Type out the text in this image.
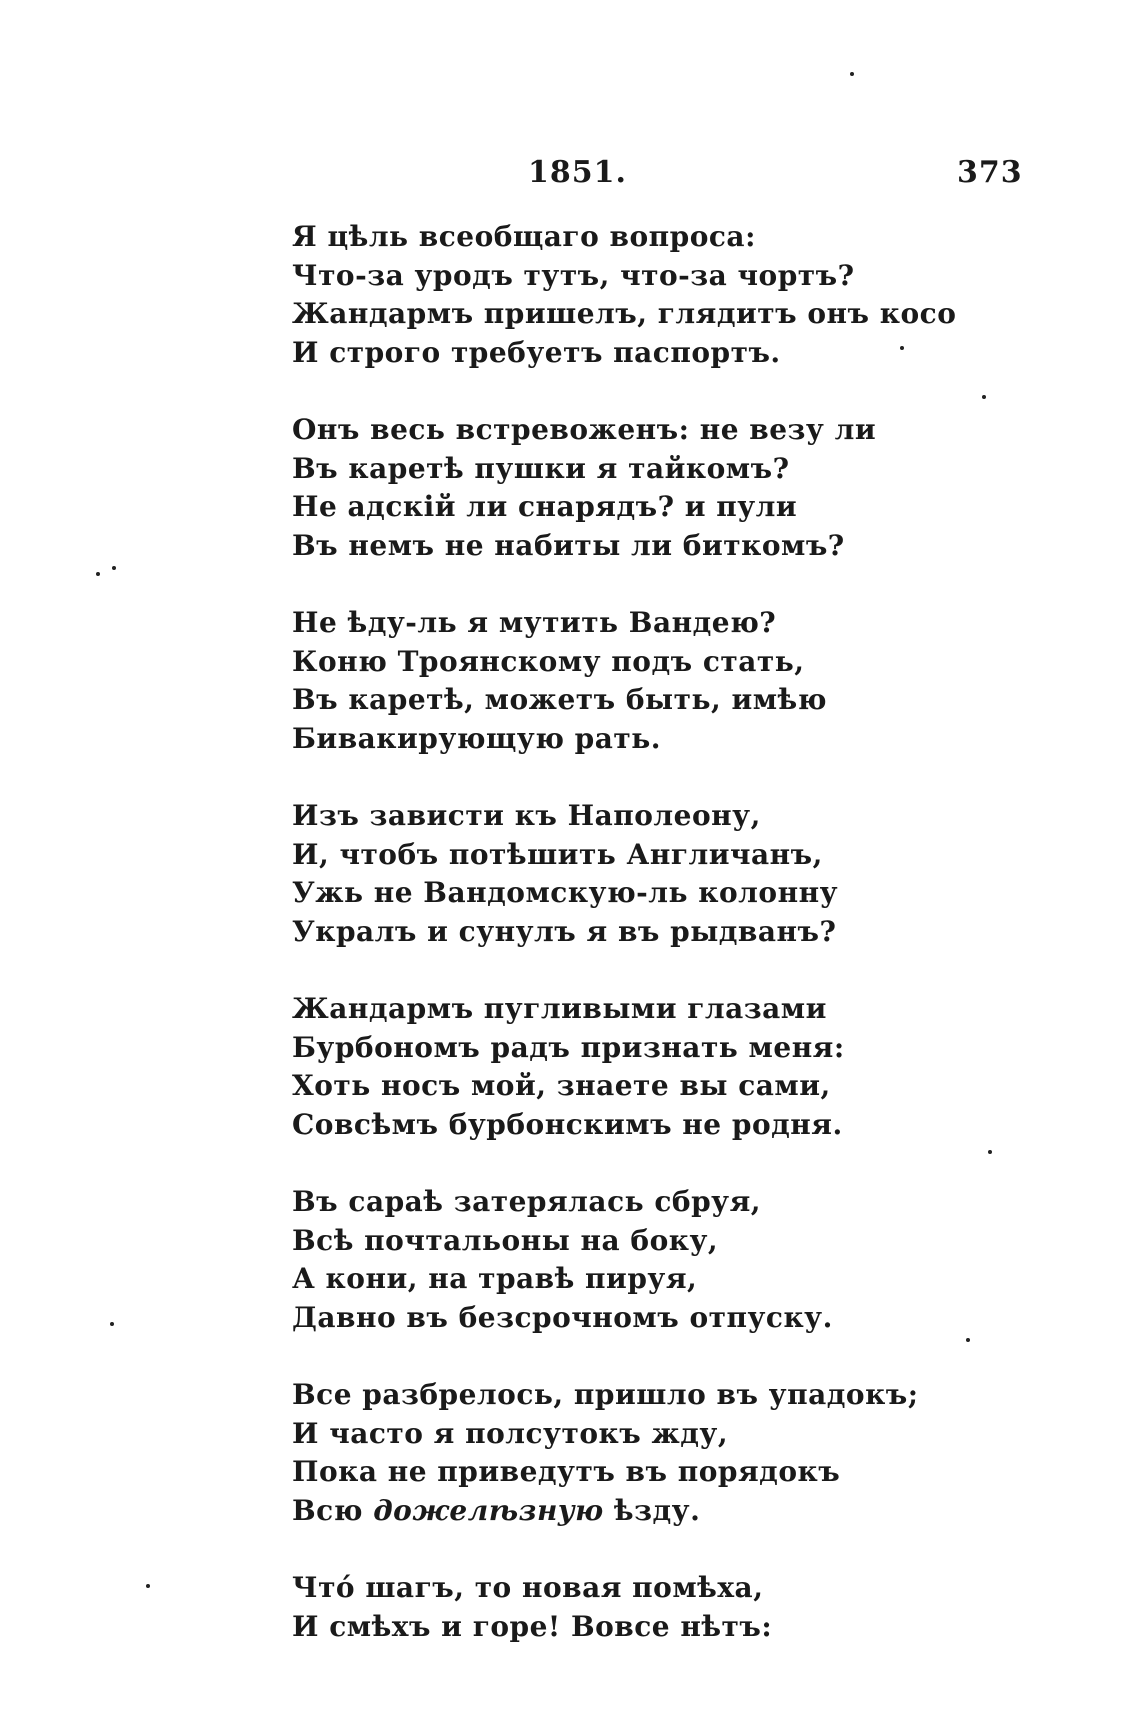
1851.	373
Я цѣль всеобщаго вопроса:
Что-за уродъ тутъ, что-за чортъ?
Жандармъ пришелъ, глядитъ онъ косо
И строго требуетъ паспортъ.
Онъ весь встревоженъ: не везу ли
Въ каретѣ пушки я тайкомъ?
Не адскій ли снарядъ? и пули
Въ немъ не набиты ли биткомъ?
Не ѣду-ль я мутить Вандею?
Коню Троянскому подъ стать,
Въ каретѣ, можетъ быть, имѣю
Бивакирующую рать.
Изъ зависти къ Наполеону,
И, чтобъ потѣшить Англичанъ,
Ужь не Вандомскую-ль колонну
Укралъ и сунулъ я въ рыдванъ?
Жандармъ пугливыми глазами
Бурбономъ радъ признать меня:
Хоть носъ мой, знаете вы сами,
Совсѣмъ бурбонскимъ не родня.
Въ сараѣ затерялась сбруя,
Всѣ почтальоны на боку,
А кони, на травѣ пируя,
Давно въ безсрочномъ отпуску.
Все разбрелось, пришло въ упадокъ;
И часто я полсутокъ жду,
Пока не приведутъ въ порядокъ
Всю дожелѣзную ѣзду.
Чтó шагъ, то новая помѣха,
И смѣхъ и горе! Вовсе нѣтъ:
